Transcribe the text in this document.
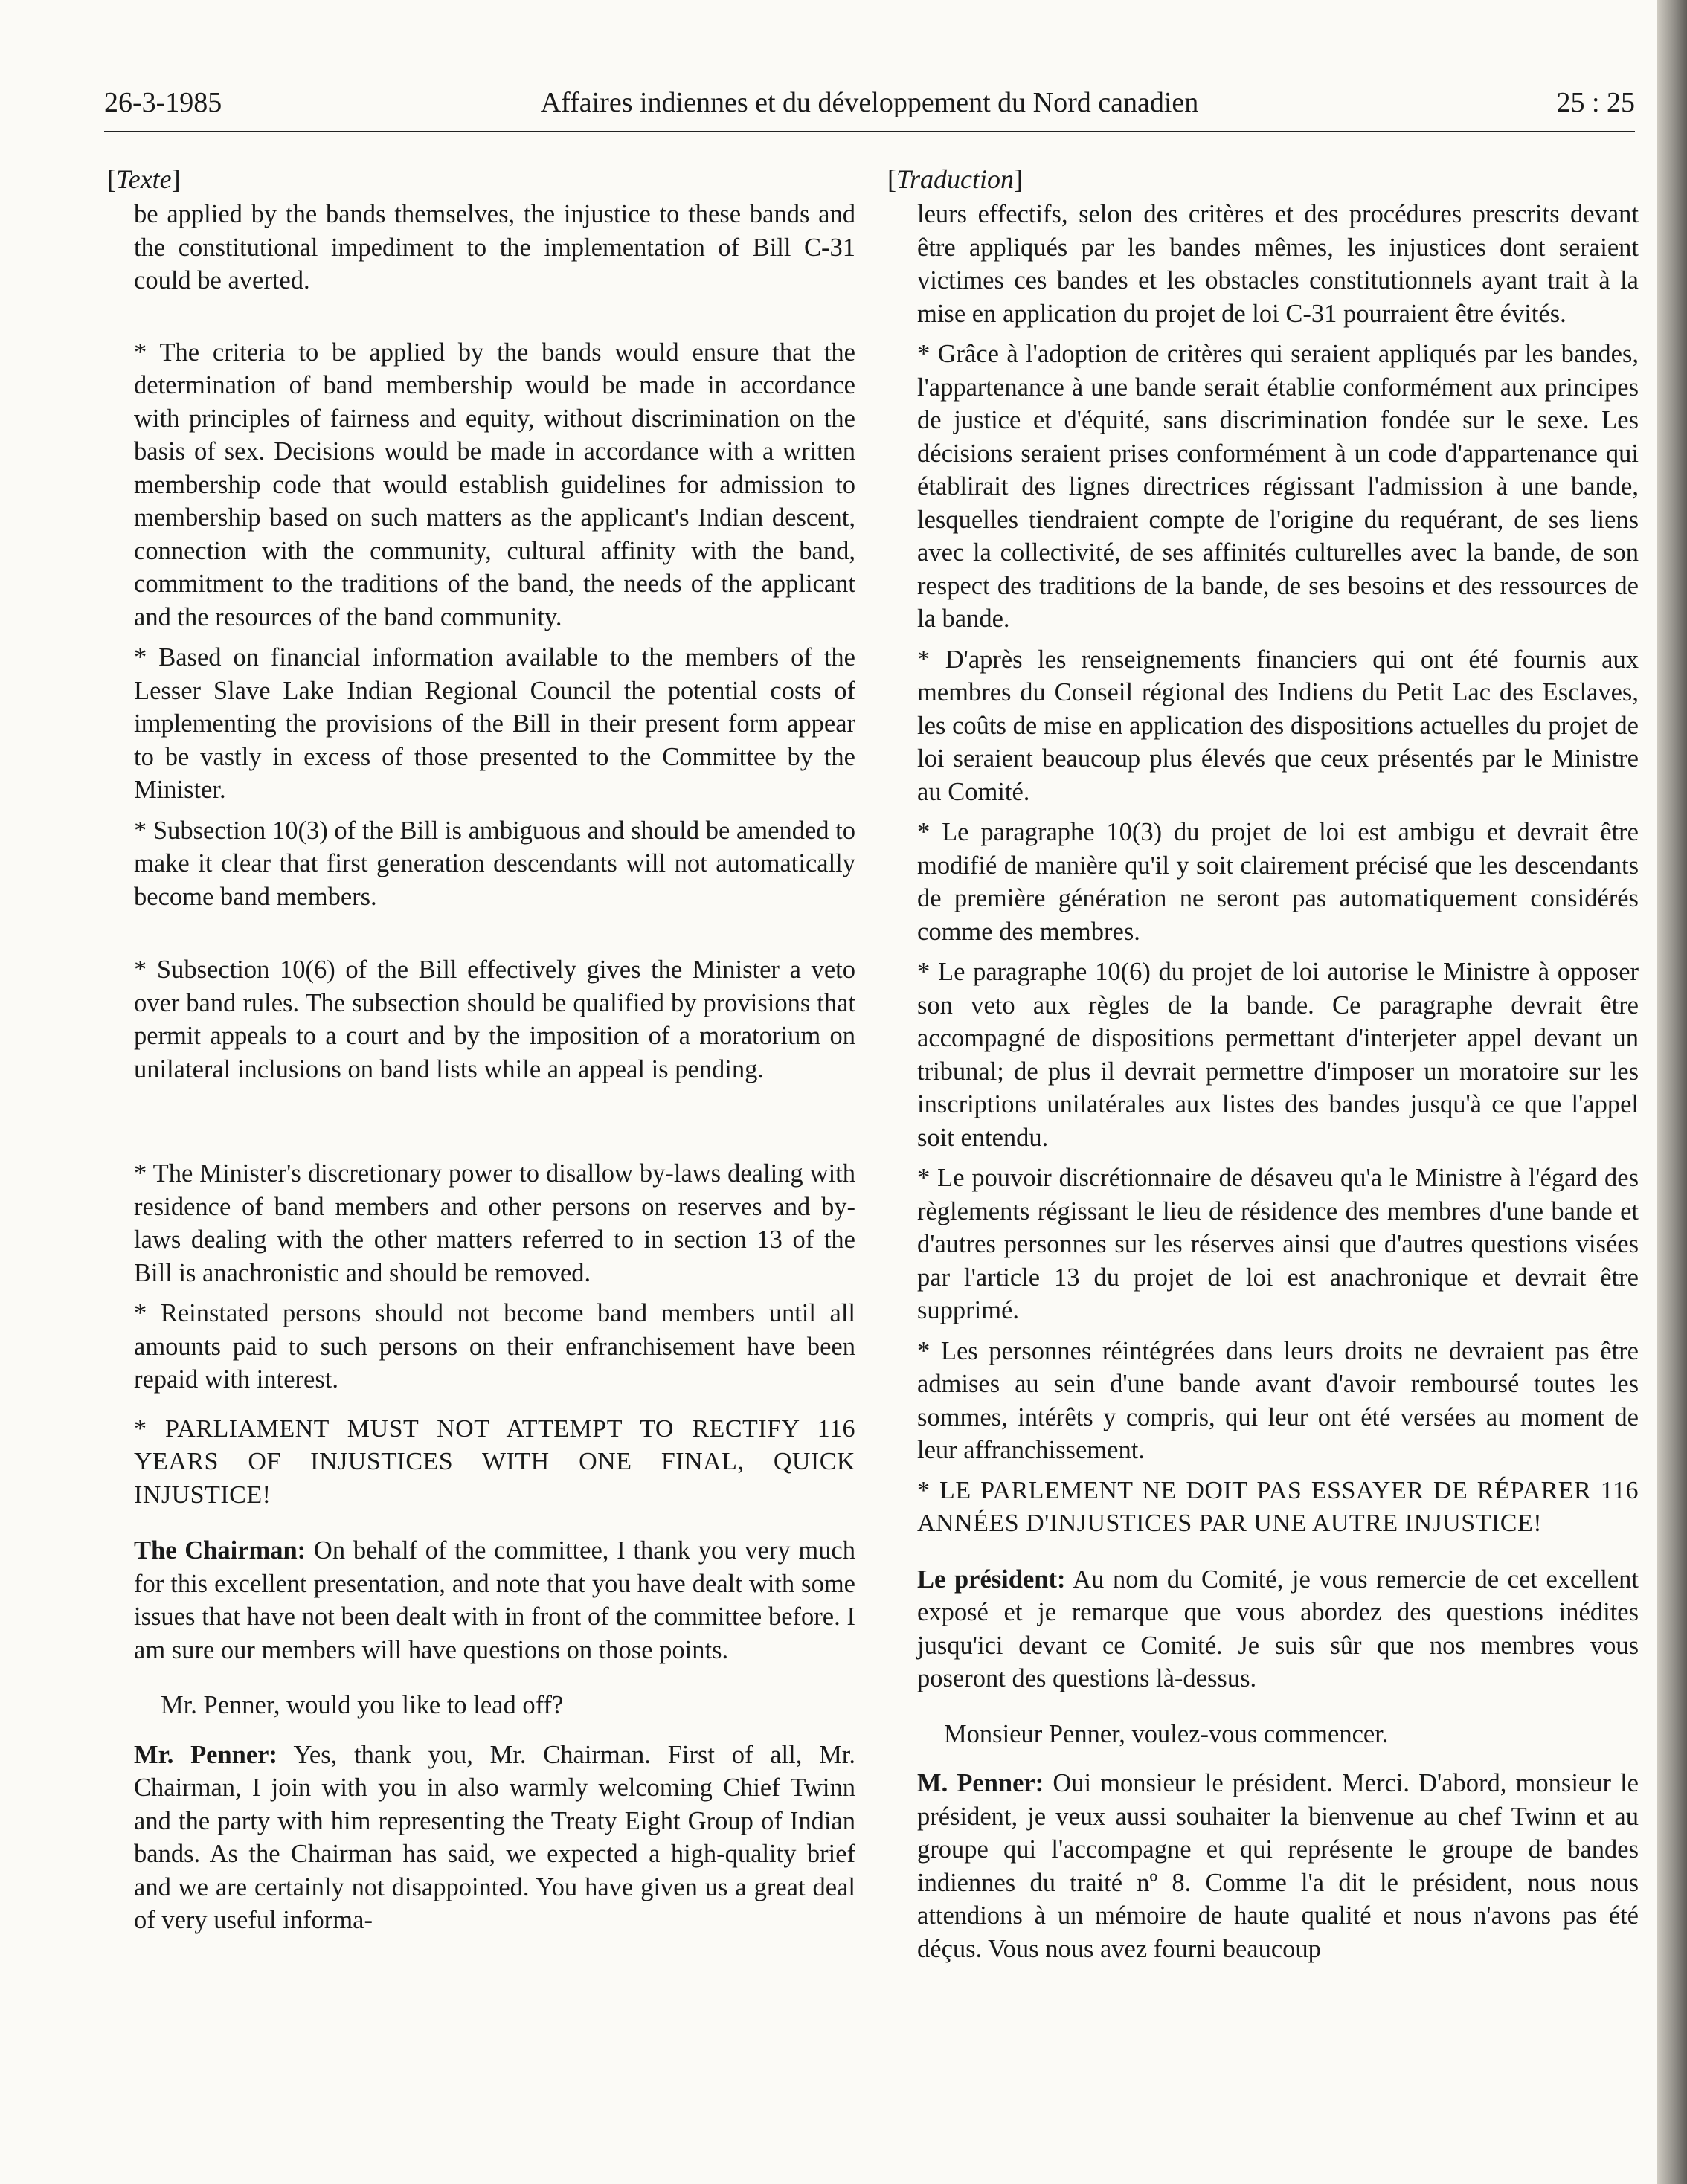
26-3-1985	Affaires indiennes et du développement du Nord canadien	25 : 25
[Texte]	[Traduction]

be applied by the bands themselves, the injustice to these bands and the constitutional impediment to the implementation of Bill C-31 could be averted.

* The criteria to be applied by the bands would ensure that the determination of band membership would be made in accordance with principles of fairness and equity, without discrimination on the basis of sex. Decisions would be made in accordance with a written membership code that would establish guidelines for admission to membership based on such matters as the applicant's Indian descent, connection with the community, cultural affinity with the band, commitment to the traditions of the band, the needs of the applicant and the resources of the band community.

* Based on financial information available to the members of the Lesser Slave Lake Indian Regional Council the potential costs of implementing the provisions of the Bill in their present form appear to be vastly in excess of those presented to the Committee by the Minister.

* Subsection 10(3) of the Bill is ambiguous and should be amended to make it clear that first generation descendants will not automatically become band members.

* Subsection 10(6) of the Bill effectively gives the Minister a veto over band rules. The subsection should be qualified by provisions that permit appeals to a court and by the imposition of a moratorium on unilateral inclusions on band lists while an appeal is pending.

* The Minister's discretionary power to disallow by-laws dealing with residence of band members and other persons on reserves and by-laws dealing with the other matters referred to in section 13 of the Bill is anachronistic and should be removed.

* Reinstated persons should not become band members until all amounts paid to such persons on their enfranchisement have been repaid with interest.

* PARLIAMENT MUST NOT ATTEMPT TO RECTIFY 116 YEARS OF INJUSTICES WITH ONE FINAL, QUICK INJUSTICE!

The Chairman: On behalf of the committee, I thank you very much for this excellent presentation, and note that you have dealt with some issues that have not been dealt with in front of the committee before. I am sure our members will have questions on those points.

Mr. Penner, would you like to lead off?

Mr. Penner: Yes, thank you, Mr. Chairman. First of all, Mr. Chairman, I join with you in also warmly welcoming Chief Twinn and the party with him representing the Treaty Eight Group of Indian bands. As the Chairman has said, we expected a high-quality brief and we are certainly not disappointed. You have given us a great deal of very useful informa-

leurs effectifs, selon des critères et des procédures prescrits devant être appliqués par les bandes mêmes, les injustices dont seraient victimes ces bandes et les obstacles constitutionnels ayant trait à la mise en application du projet de loi C-31 pourraient être évités.

* Grâce à l'adoption de critères qui seraient appliqués par les bandes, l'appartenance à une bande serait établie conformément aux principes de justice et d'équité, sans discrimination fondée sur le sexe. Les décisions seraient prises conformément à un code d'appartenance qui établirait des lignes directrices régissant l'admission à une bande, lesquelles tiendraient compte de l'origine du requérant, de ses liens avec la collectivité, de ses affinités culturelles avec la bande, de son respect des traditions de la bande, de ses besoins et des ressources de la bande.

* D'après les renseignements financiers qui ont été fournis aux membres du Conseil régional des Indiens du Petit Lac des Esclaves, les coûts de mise en application des dispositions actuelles du projet de loi seraient beaucoup plus élevés que ceux présentés par le Ministre au Comité.

* Le paragraphe 10(3) du projet de loi est ambigu et devrait être modifié de manière qu'il y soit clairement précisé que les descendants de première génération ne seront pas automatiquement considérés comme des membres.

* Le paragraphe 10(6) du projet de loi autorise le Ministre à opposer son veto aux règles de la bande. Ce paragraphe devrait être accompagné de dispositions permettant d'interjeter appel devant un tribunal; de plus il devrait permettre d'imposer un moratoire sur les inscriptions unilatérales aux listes des bandes jusqu'à ce que l'appel soit entendu.

* Le pouvoir discrétionnaire de désaveu qu'a le Ministre à l'égard des règlements régissant le lieu de résidence des membres d'une bande et d'autres personnes sur les réserves ainsi que d'autres questions visées par l'article 13 du projet de loi est anachronique et devrait être supprimé.

* Les personnes réintégrées dans leurs droits ne devraient pas être admises au sein d'une bande avant d'avoir remboursé toutes les sommes, intérêts y compris, qui leur ont été versées au moment de leur affranchissement.

* LE PARLEMENT NE DOIT PAS ESSAYER DE RÉPARER 116 ANNÉES D'INJUSTICES PAR UNE AUTRE INJUSTICE!

Le président: Au nom du Comité, je vous remercie de cet excellent exposé et je remarque que vous abordez des questions inédites jusqu'ici devant ce Comité. Je suis sûr que nos membres vous poseront des questions là-dessus.

Monsieur Penner, voulez-vous commencer.

M. Penner: Oui monsieur le président. Merci. D'abord, monsieur le président, je veux aussi souhaiter la bienvenue au chef Twinn et au groupe qui l'accompagne et qui représente le groupe de bandes indiennes du traité nº 8. Comme l'a dit le président, nous nous attendions à un mémoire de haute qualité et nous n'avons pas été déçus. Vous nous avez fourni beaucoup
